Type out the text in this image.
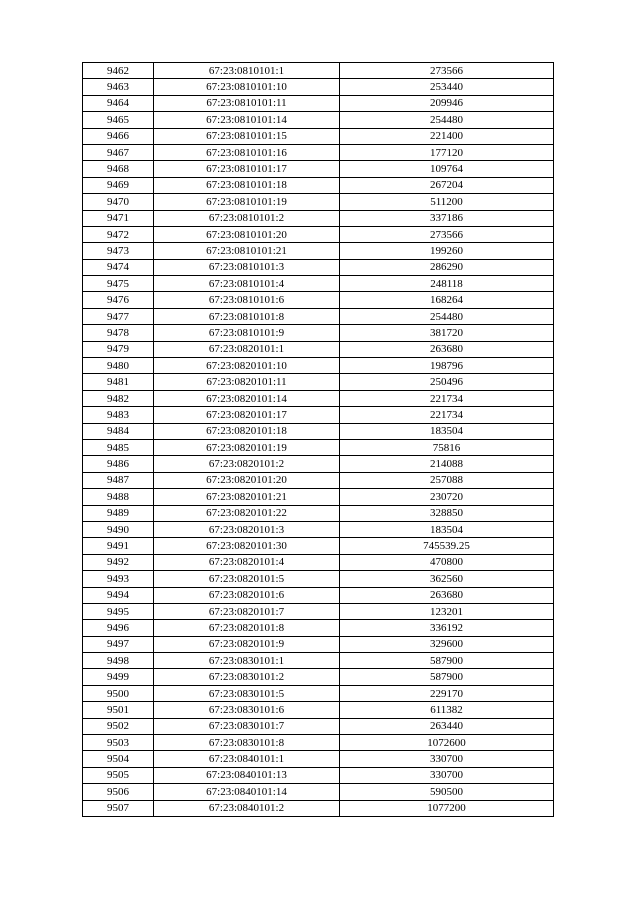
9462	67:23:0810101:1	273566
9463	67:23:0810101:10	253440
9464	67:23:0810101:11	209946
9465	67:23:0810101:14	254480
9466	67:23:0810101:15	221400
9467	67:23:0810101:16	177120
9468	67:23:0810101:17	109764
9469	67:23:0810101:18	267204
9470	67:23:0810101:19	511200
9471	67:23:0810101:2	337186
9472	67:23:0810101:20	273566
9473	67:23:0810101:21	199260
9474	67:23:0810101:3	286290
9475	67:23:0810101:4	248118
9476	67:23:0810101:6	168264
9477	67:23:0810101:8	254480
9478	67:23:0810101:9	381720
9479	67:23:0820101:1	263680
9480	67:23:0820101:10	198796
9481	67:23:0820101:11	250496
9482	67:23:0820101:14	221734
9483	67:23:0820101:17	221734
9484	67:23:0820101:18	183504
9485	67:23:0820101:19	75816
9486	67:23:0820101:2	214088
9487	67:23:0820101:20	257088
9488	67:23:0820101:21	230720
9489	67:23:0820101:22	328850
9490	67:23:0820101:3	183504
9491	67:23:0820101:30	745539.25
9492	67:23:0820101:4	470800
9493	67:23:0820101:5	362560
9494	67:23:0820101:6	263680
9495	67:23:0820101:7	123201
9496	67:23:0820101:8	336192
9497	67:23:0820101:9	329600
9498	67:23:0830101:1	587900
9499	67:23:0830101:2	587900
9500	67:23:0830101:5	229170
9501	67:23:0830101:6	611382
9502	67:23:0830101:7	263440
9503	67:23:0830101:8	1072600
9504	67:23:0840101:1	330700
9505	67:23:0840101:13	330700
9506	67:23:0840101:14	590500
9507	67:23:0840101:2	1077200
